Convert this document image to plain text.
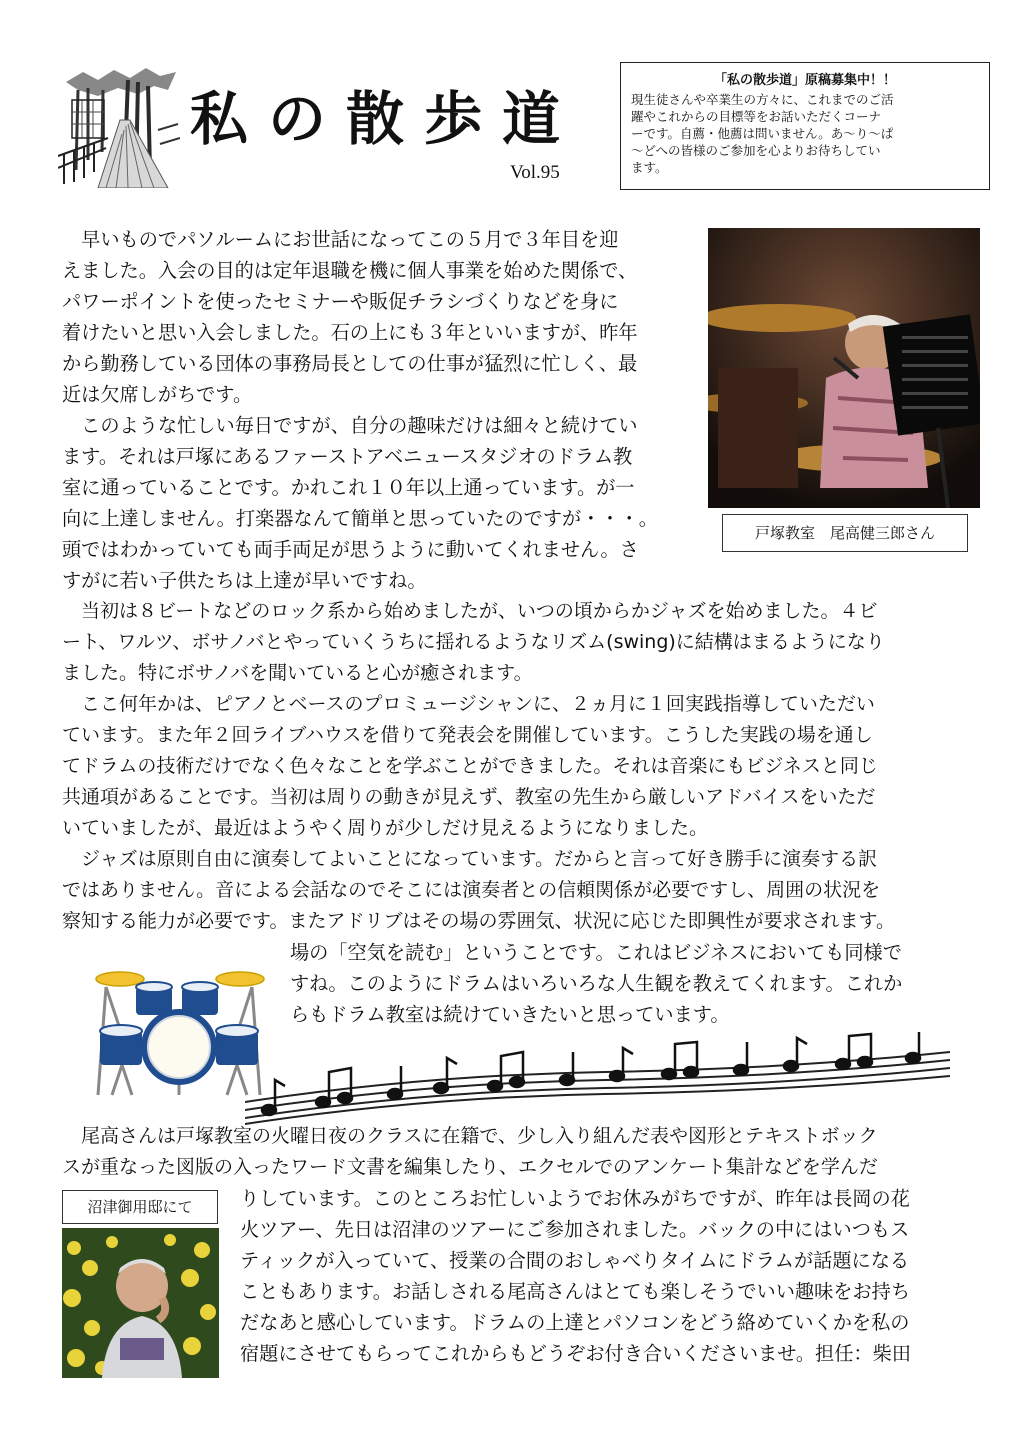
私の散歩道
Vol.95
「私の散歩道」原稿募集中！！
現生徒さんや卒業生の方々に、これまでのご活
躍やこれからの目標等をお話いただくコーナ
ーです。自薦・他薦は問いません。あ～り～ぱ
～どへの皆様のご参加を心よりお待ちしてい
ます。
戸塚教室　尾高健三郎さん

　早いものでパソルームにお世話になってこの５月で３年目を迎

えました。入会の目的は定年退職を機に個人事業を始めた関係で、

パワーポイントを使ったセミナーや販促チラシづくりなどを身に

着けたいと思い入会しました。石の上にも３年といいますが、昨年

から勤務している団体の事務局長としての仕事が猛烈に忙しく、最

近は欠席しがちです。

　このような忙しい毎日ですが、自分の趣味だけは細々と続けてい

ます。それは戸塚にあるファーストアベニュースタジオのドラム教

室に通っていることです。かれこれ１０年以上通っています。が一

向に上達しません。打楽器なんて簡単と思っていたのですが・・・。

頭ではわかっていても両手両足が思うように動いてくれません。さ

すがに若い子供たちは上達が早いですね。

　当初は８ビートなどのロック系から始めましたが、いつの頃からかジャズを始めました。４ビ

ート、ワルツ、ボサノバとやっていくうちに揺れるようなリズム(swing)に結構はまるようになり

ました。特にボサノバを聞いていると心が癒されます。

　ここ何年かは、ピアノとベースのプロミュージシャンに、２ヵ月に１回実践指導していただい

ています。また年２回ライブハウスを借りて発表会を開催しています。こうした実践の場を通し

てドラムの技術だけでなく色々なことを学ぶことができました。それは音楽にもビジネスと同じ

共通項があることです。当初は周りの動きが見えず、教室の先生から厳しいアドバイスをいただ

いていましたが、最近はようやく周りが少しだけ見えるようになりました。

　ジャズは原則自由に演奏してよいことになっています。だからと言って好き勝手に演奏する訳

ではありません。音による会話なのでそこには演奏者との信頼関係が必要ですし、周囲の状況を

察知する能力が必要です。またアドリブはその場の雰囲気、状況に応じた即興性が要求されます。

場の「空気を読む」ということです。これはビジネスにおいても同様で

すね。このようにドラムはいろいろな人生観を教えてくれます。これか

らもドラム教室は続けていきたいと思っています。

　尾高さんは戸塚教室の火曜日夜のクラスに在籍で、少し入り組んだ表や図形とテキストボック

スが重なった図版の入ったワード文書を編集したり、エクセルでのアンケート集計などを学んだ

りしています。このところお忙しいようでお休みがちですが、昨年は長岡の花

火ツアー、先日は沼津のツアーにご参加されました。バックの中にはいつもス

ティックが入っていて、授業の合間のおしゃべりタイムにドラムが話題になる

こともあります。お話しされる尾高さんはとても楽しそうでいい趣味をお持ち

だなあと感心しています。ドラムの上達とパソコンをどう絡めていくかを私の

宿題にさせてもらってこれからもどうぞお付き合いくださいませ。担任：柴田

沼津御用邸にて
